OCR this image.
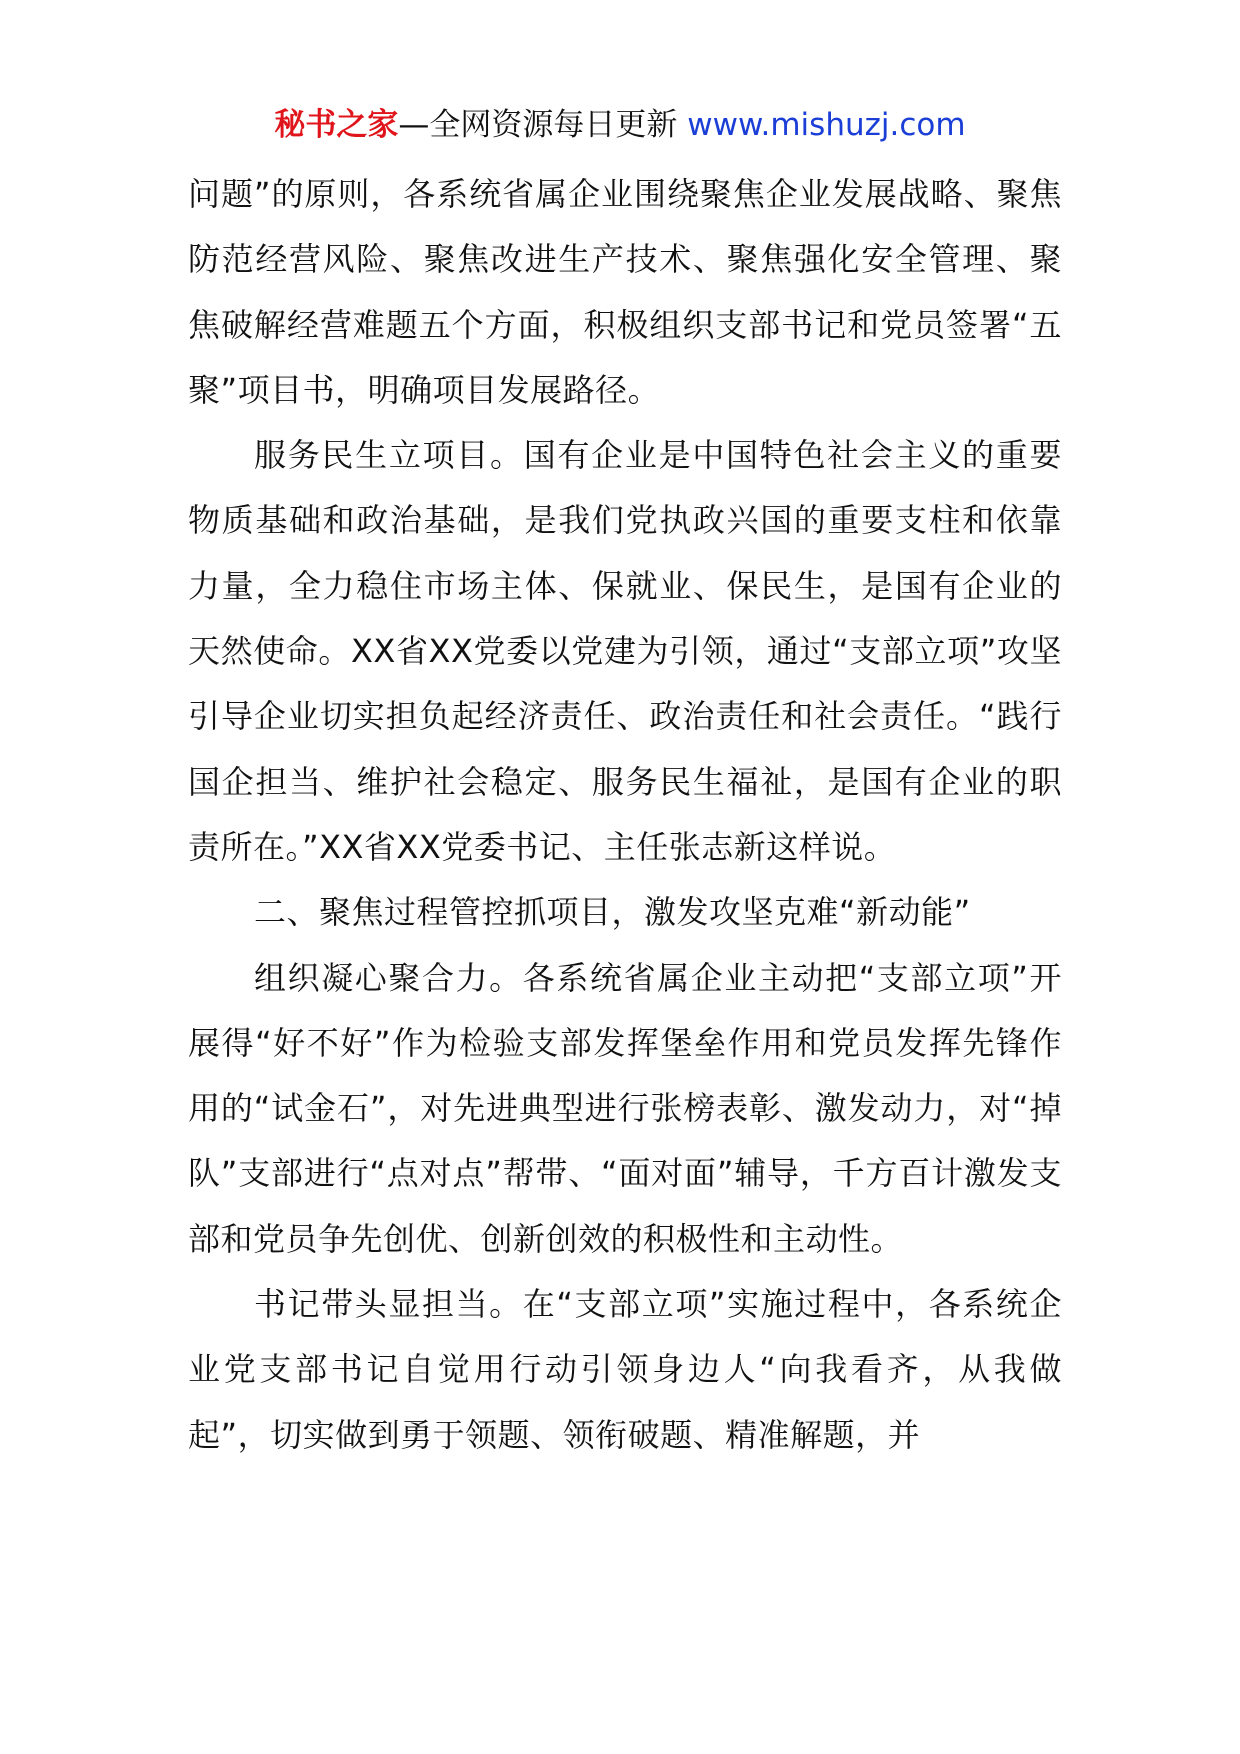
秘书之家—全网资源每日更新 www.mishuzj.com

问题”的原则，各系统省属企业围绕聚焦企业发展战略、聚焦防范经营风险、聚焦改进生产技术、聚焦强化安全管理、聚焦破解经营难题五个方面，积极组织支部书记和党员签署“五聚”项目书，明确项目发展路径。

服务民生立项目。国有企业是中国特色社会主义的重要物质基础和政治基础，是我们党执政兴国的重要支柱和依靠力量，全力稳住市场主体、保就业、保民生，是国有企业的天然使命。XX省XX党委以党建为引领，通过“支部立项”攻坚引导企业切实担负起经济责任、政治责任和社会责任。“践行国企担当、维护社会稳定、服务民生福祉，是国有企业的职责所在。”XX省XX党委书记、主任张志新这样说。

二、聚焦过程管控抓项目，激发攻坚克难“新动能”

组织凝心聚合力。各系统省属企业主动把“支部立项”开展得“好不好”作为检验支部发挥堡垒作用和党员发挥先锋作用的“试金石”，对先进典型进行张榜表彰、激发动力，对“掉队”支部进行“点对点”帮带、“面对面”辅导，千方百计激发支部和党员争先创优、创新创效的积极性和主动性。

书记带头显担当。在“支部立项”实施过程中，各系统企业党支部书记自觉用行动引领身边人“向我看齐，从我做起”，切实做到勇于领题、领衔破题、精准解题，并
